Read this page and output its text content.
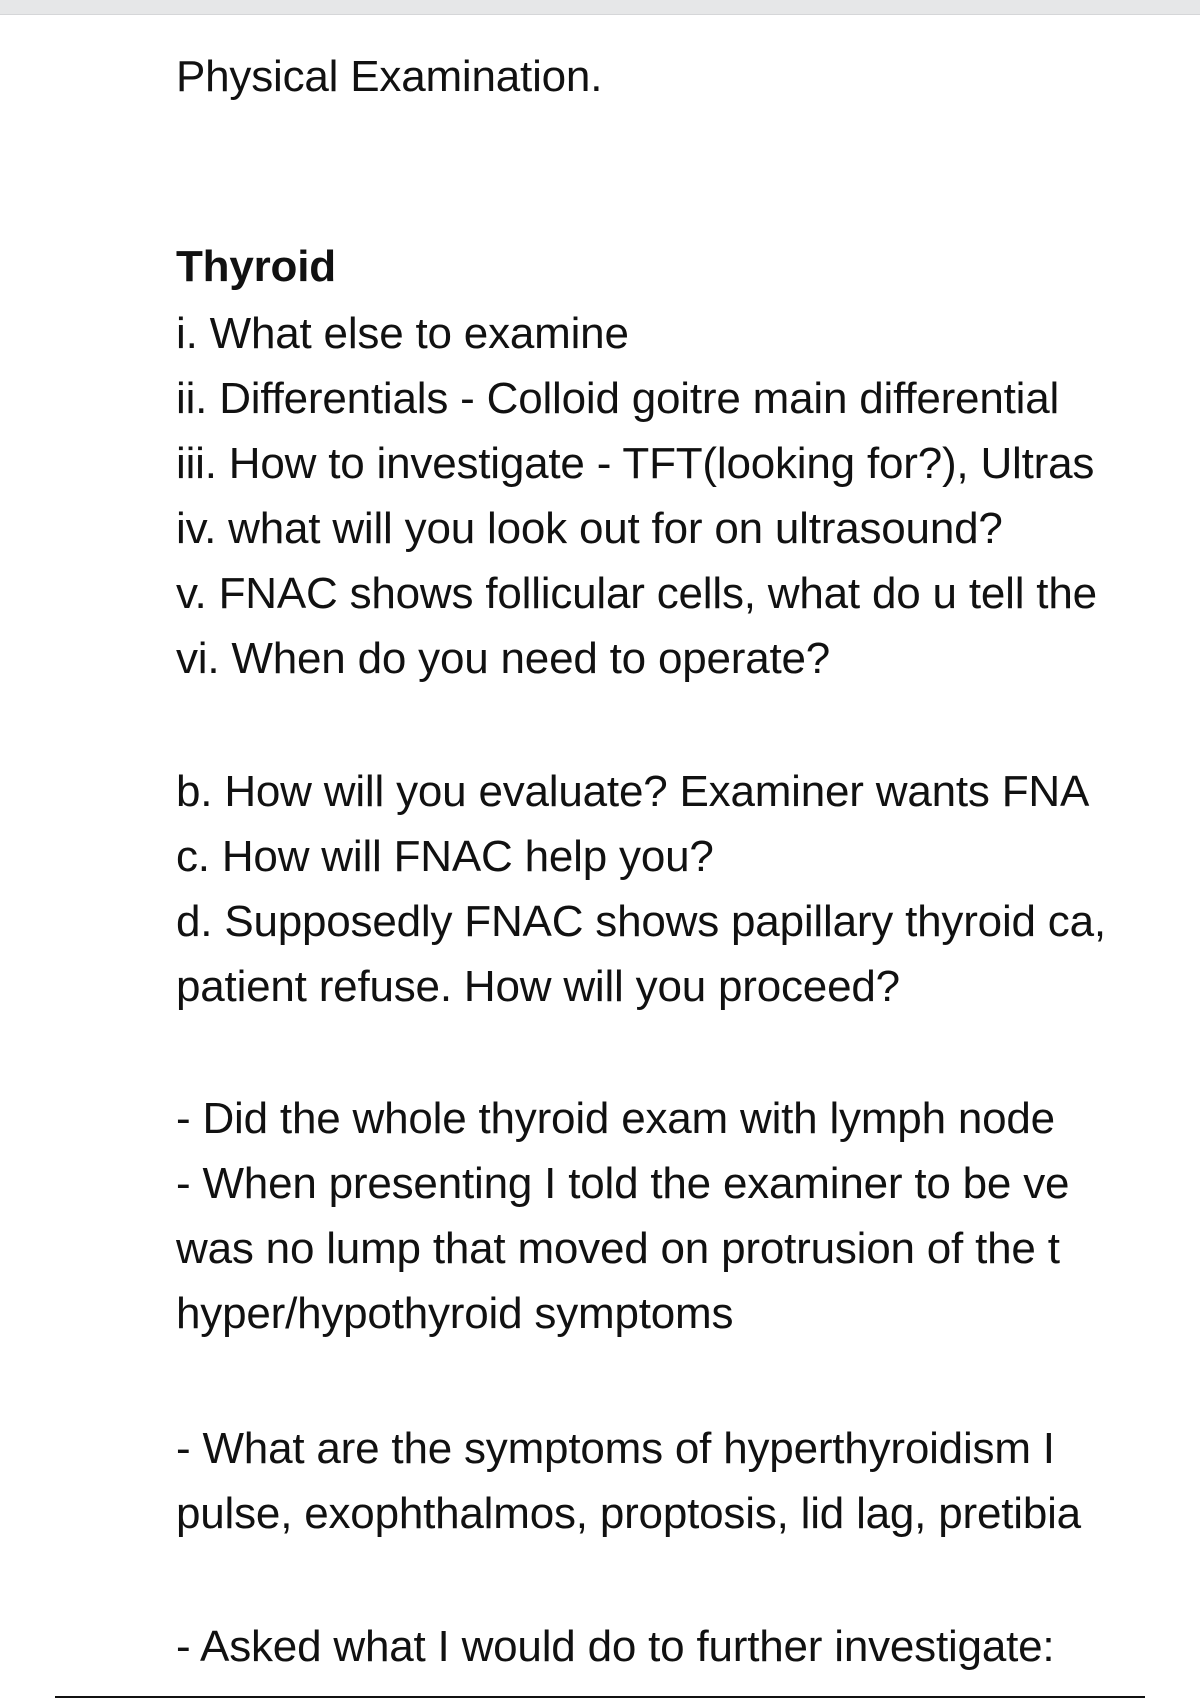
Physical Examination.
Thyroid
i. What else to examine
ii. Differentials - Colloid goitre main differential
iii. How to investigate - TFT(looking for?), Ultras
iv. what will you look out for on ultrasound?
v. FNAC shows follicular cells, what do u tell the
vi. When do you need to operate?
b. How will you evaluate? Examiner wants FNA
c. How will FNAC help you?
d. Supposedly FNAC shows papillary thyroid ca,
patient refuse. How will you proceed?
- Did the whole thyroid exam with lymph node
- When presenting I told the examiner to be ve
was no lump that moved on protrusion of the t
hyper/hypothyroid symptoms
- What are the symptoms of hyperthyroidism I
pulse, exophthalmos, proptosis, lid lag, pretibia
- Asked what I would do to further investigate:
